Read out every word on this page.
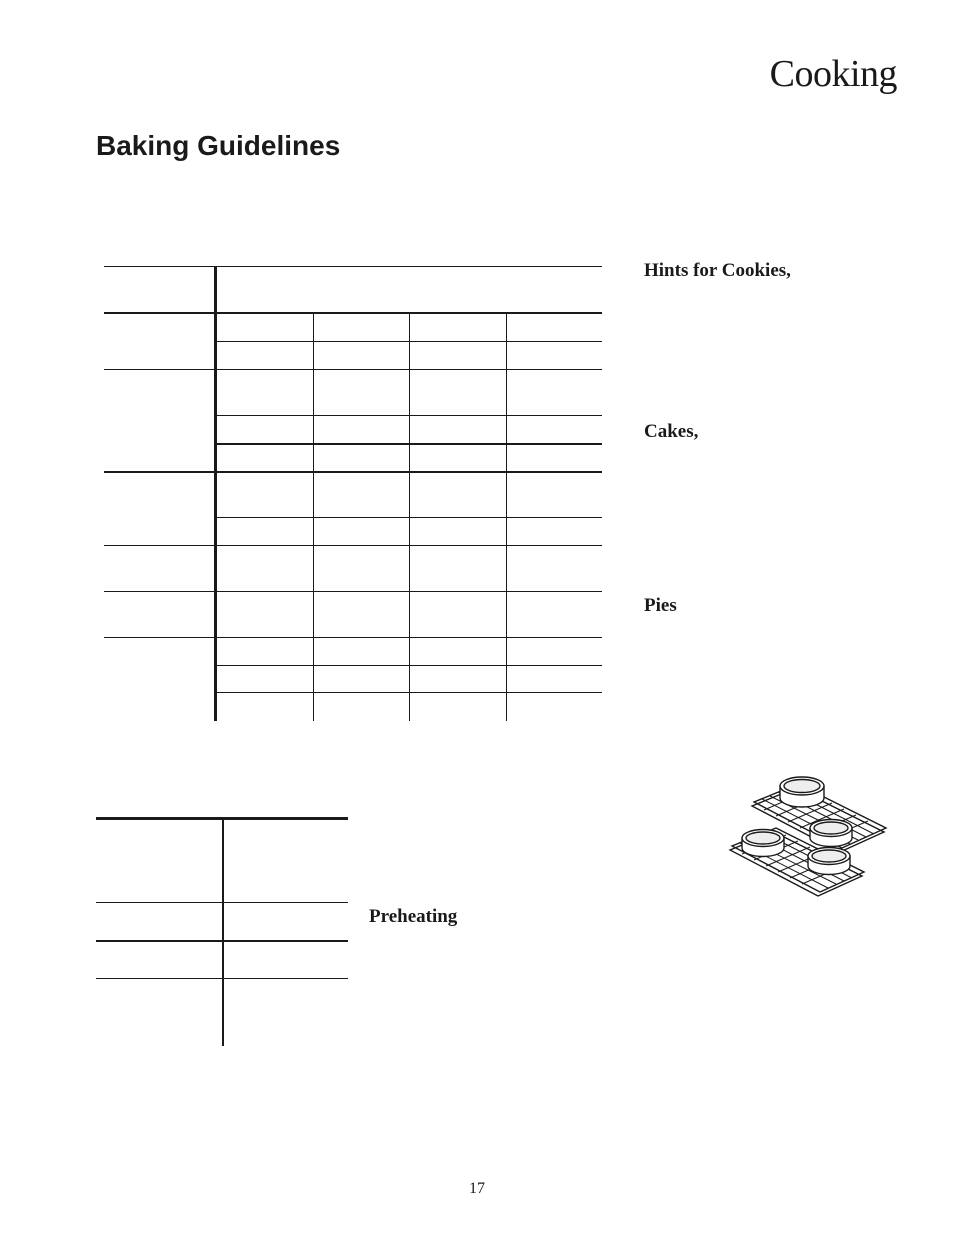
Cooking
Baking Guidelines
Hints for Cookies,
Cakes,
Pies
Preheating
17
